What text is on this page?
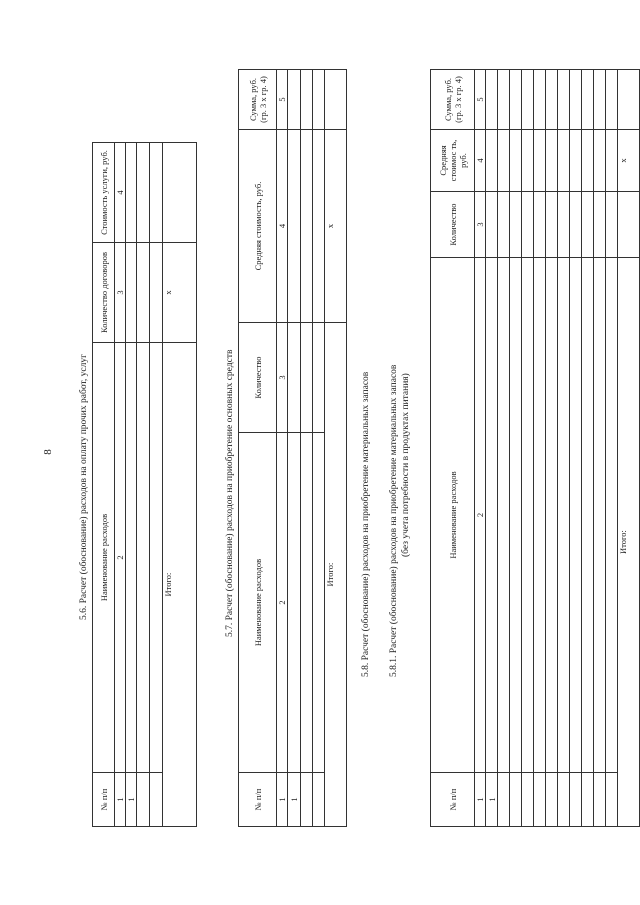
8	5.6. Расчет (обоснование) расходов на оплату прочих работ, услуг
№ п/п	Наименование расходов	Количество договоров	Стоимость услуги, руб.
1	2	3	4
1			

Итого:		x	
5.7. Расчет (обоснование) расходов на приобретение основных средств
№ п/п	Наименование расходов	Количество	Средняя стоимость, руб.	Сумма, руб. (гр. 3 х гр. 4)
1	2	3	4	5
1				

Итого:			x	
5.8. Расчет (обоснование) расходов на приобретение материальных запасов 5.8.1. Расчет (обоснование) расходов на приобретение материальных запасов (без учета потребности в продуктах питания)
№ п/п	Наименование расходов	Количество	Средняя стоимос ть, руб.	Сумма, руб. (гр. 3 х гр. 4)
1	2	3	4	5
1				

Итого:			x	
